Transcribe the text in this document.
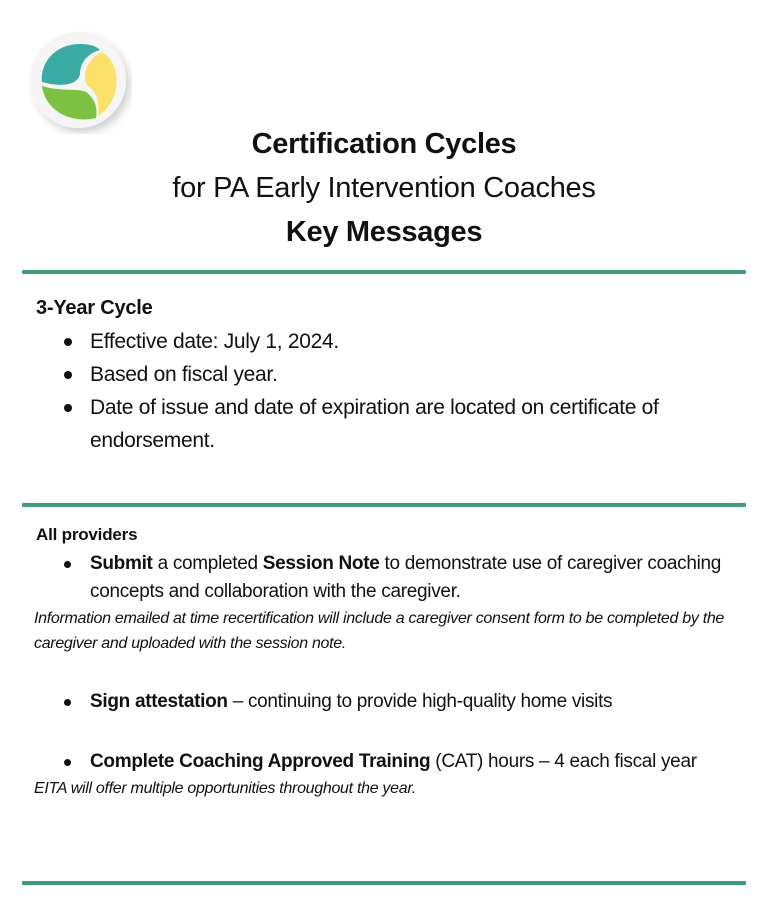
Certification Cycles
for PA Early Intervention Coaches
Key Messages
3-Year Cycle
Effective date: July 1, 2024.
Based on fiscal year.
Date of issue and date of expiration are located on certificate of endorsement.
All providers
Submit a completed Session Note to demonstrate use of caregiver coaching concepts and collaboration with the caregiver.
Information emailed at time recertification will include a caregiver consent form to be completed by the caregiver and uploaded with the session note.
Sign attestation – continuing to provide high-quality home visits
Complete Coaching Approved Training (CAT) hours – 4 each fiscal year
EITA will offer multiple opportunities throughout the year.
